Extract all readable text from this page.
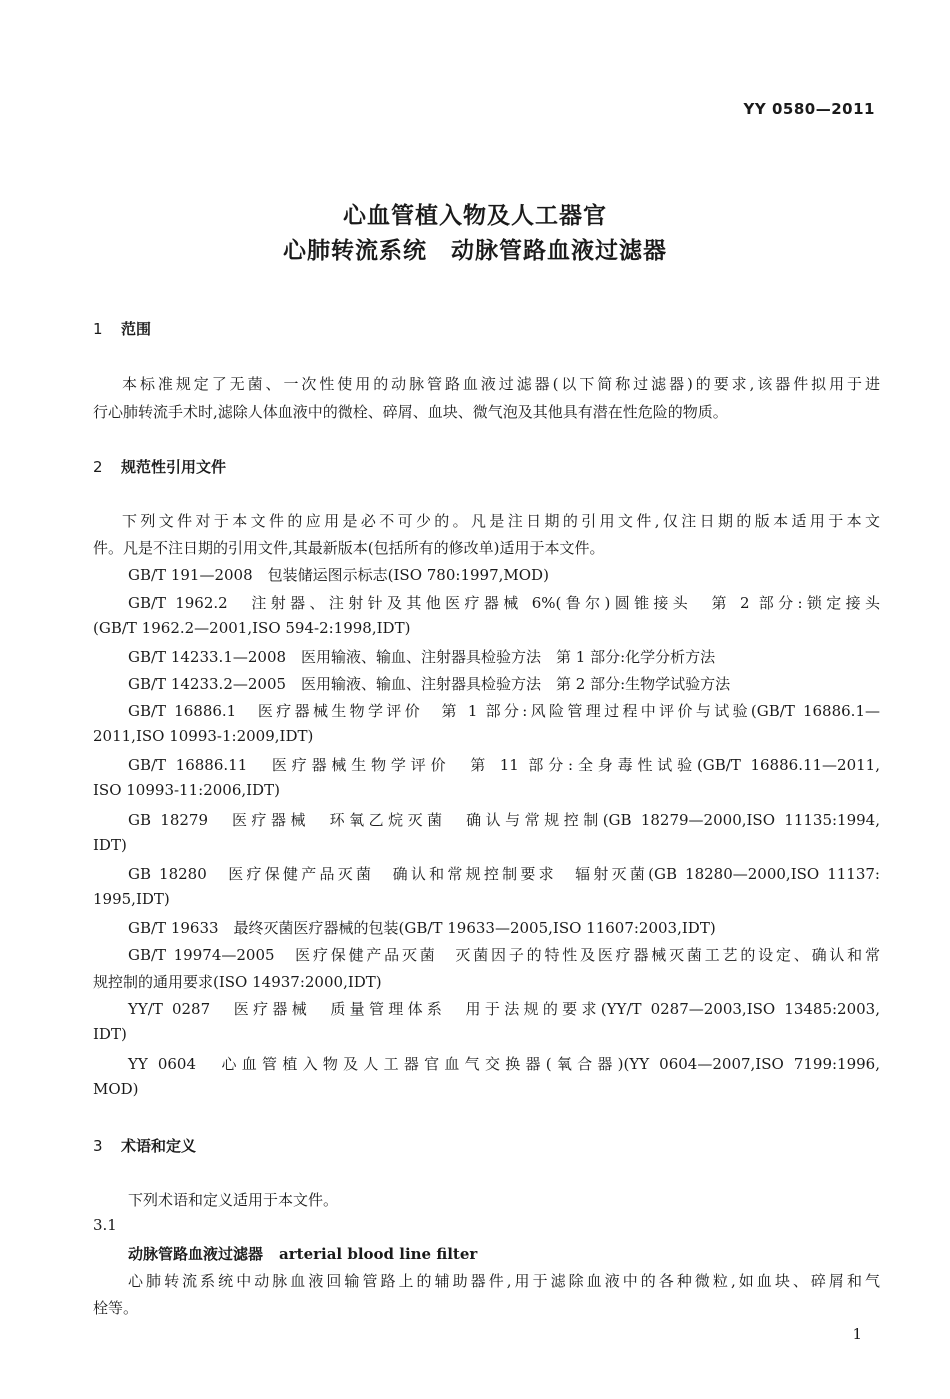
YY 0580—2011
心血管植入物及人工器官
心肺转流系统　动脉管路血液过滤器
1 范围
本标准规定了无菌、一次性使用的动脉管路血液过滤器(以下简称过滤器)的要求,该器件拟用于进
行心肺转流手术时,滤除人体血液中的微栓、碎屑、血块、微气泡及其他具有潜在性危险的物质。
2 规范性引用文件
下列文件对于本文件的应用是必不可少的。凡是注日期的引用文件,仅注日期的版本适用于本文
件。凡是不注日期的引用文件,其最新版本(包括所有的修改单)适用于本文件。
GB/T 191—2008　包装储运图示标志(ISO 780:1997,MOD)
GB/T 1962.2　注射器、注射针及其他医疗器械 6%(鲁尔)圆锥接头　第 2 部分:锁定接头
(GB/T 1962.2—2001,ISO 594-2:1998,IDT)
GB/T 14233.1—2008　医用输液、输血、注射器具检验方法　第 1 部分:化学分析方法
GB/T 14233.2—2005　医用输液、输血、注射器具检验方法　第 2 部分:生物学试验方法
GB/T 16886.1　医疗器械生物学评价　第 1 部分:风险管理过程中评价与试验(GB/T 16886.1—
2011,ISO 10993-1:2009,IDT)
GB/T 16886.11　医疗器械生物学评价　第 11 部分:全身毒性试验(GB/T 16886.11—2011,
ISO 10993-11:2006,IDT)
GB 18279　医疗器械　环氧乙烷灭菌　确认与常规控制(GB 18279—2000,ISO 11135:1994,
IDT)
GB 18280　医疗保健产品灭菌　确认和常规控制要求　辐射灭菌(GB 18280—2000,ISO 11137:
1995,IDT)
GB/T 19633　最终灭菌医疗器械的包装(GB/T 19633—2005,ISO 11607:2003,IDT)
GB/T 19974—2005　医疗保健产品灭菌　灭菌因子的特性及医疗器械灭菌工艺的设定、确认和常
规控制的通用要求(ISO 14937:2000,IDT)
YY/T 0287　医疗器械　质量管理体系　用于法规的要求(YY/T 0287—2003,ISO 13485:2003,
IDT)
YY 0604　心血管植入物及人工器官血气交换器(氧合器)(YY 0604—2007,ISO 7199:1996,
MOD)
3 术语和定义
下列术语和定义适用于本文件。
3.1
动脉管路血液过滤器 arterial blood line filter
心肺转流系统中动脉血液回输管路上的辅助器件,用于滤除血液中的各种微粒,如血块、碎屑和气
栓等。
1
